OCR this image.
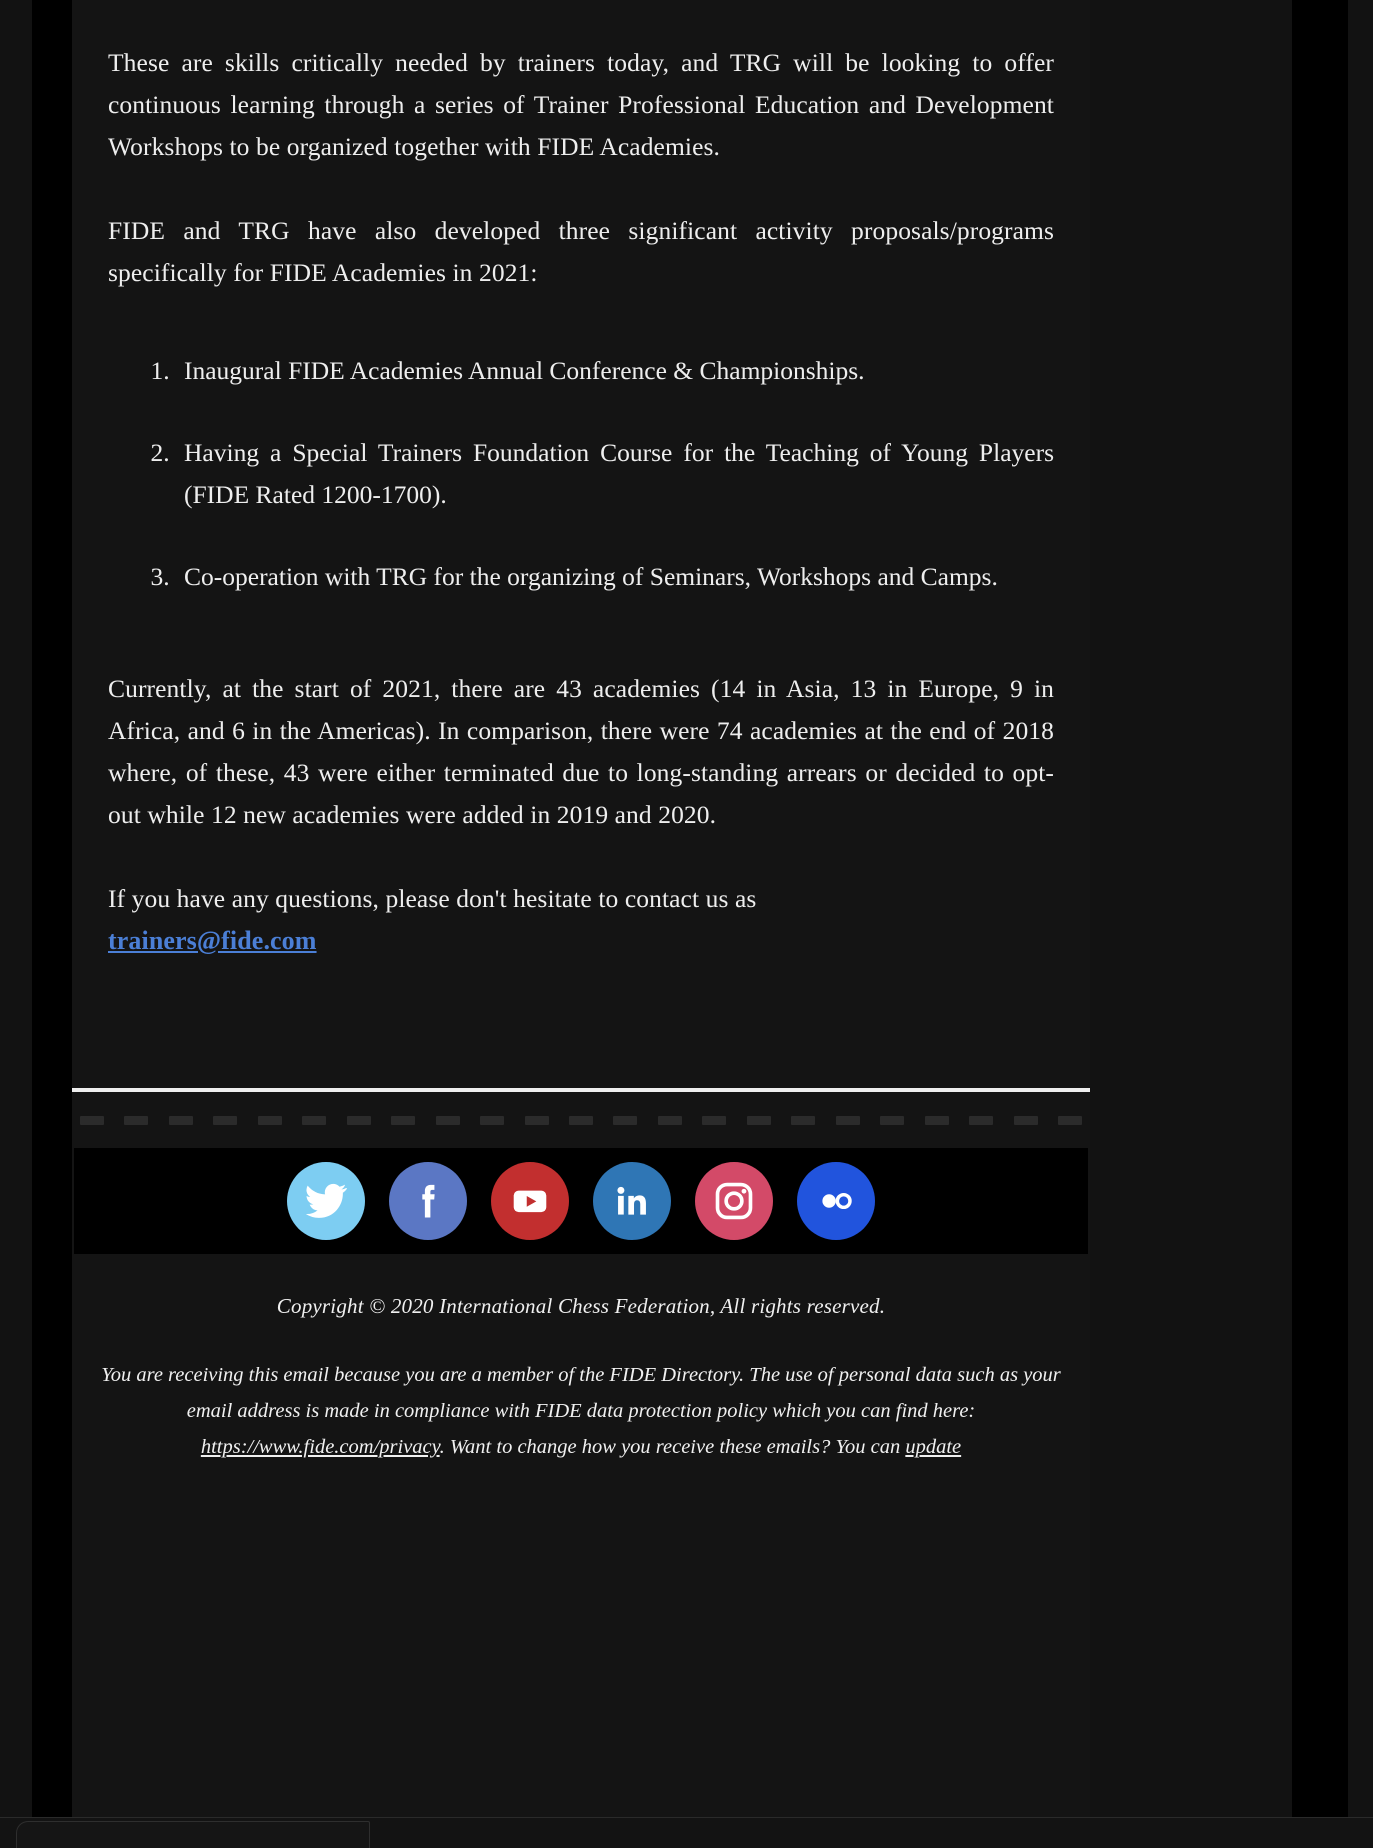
These are skills critically needed by trainers today, and TRG will be looking to offer continuous learning through a series of Trainer Professional Education and Development Workshops to be organized together with FIDE Academies.

FIDE and TRG have also developed three significant activity proposals/programs specifically for FIDE Academies in 2021:

1. Inaugural FIDE Academies Annual Conference & Championships.
2. Having a Special Trainers Foundation Course for the Teaching of Young Players (FIDE Rated 1200-1700).
3. Co-operation with TRG for the organizing of Seminars, Workshops and Camps.

Currently, at the start of 2021, there are 43 academies (14 in Asia, 13 in Europe, 9 in Africa, and 6 in the Americas). In comparison, there were 74 academies at the end of 2018 where, of these, 43 were either terminated due to long-standing arrears or decided to opt-out while 12 new academies were added in 2019 and 2020.

If you have any questions, please don't hesitate to contact us as

trainers@fide.com

Copyright © 2020 International Chess Federation, All rights reserved.

You are receiving this email because you are a member of the FIDE Directory. The use of personal data such as your email address is made in compliance with FIDE data protection policy which you can find here: https://www.fide.com/privacy. Want to change how you receive these emails? You can update
